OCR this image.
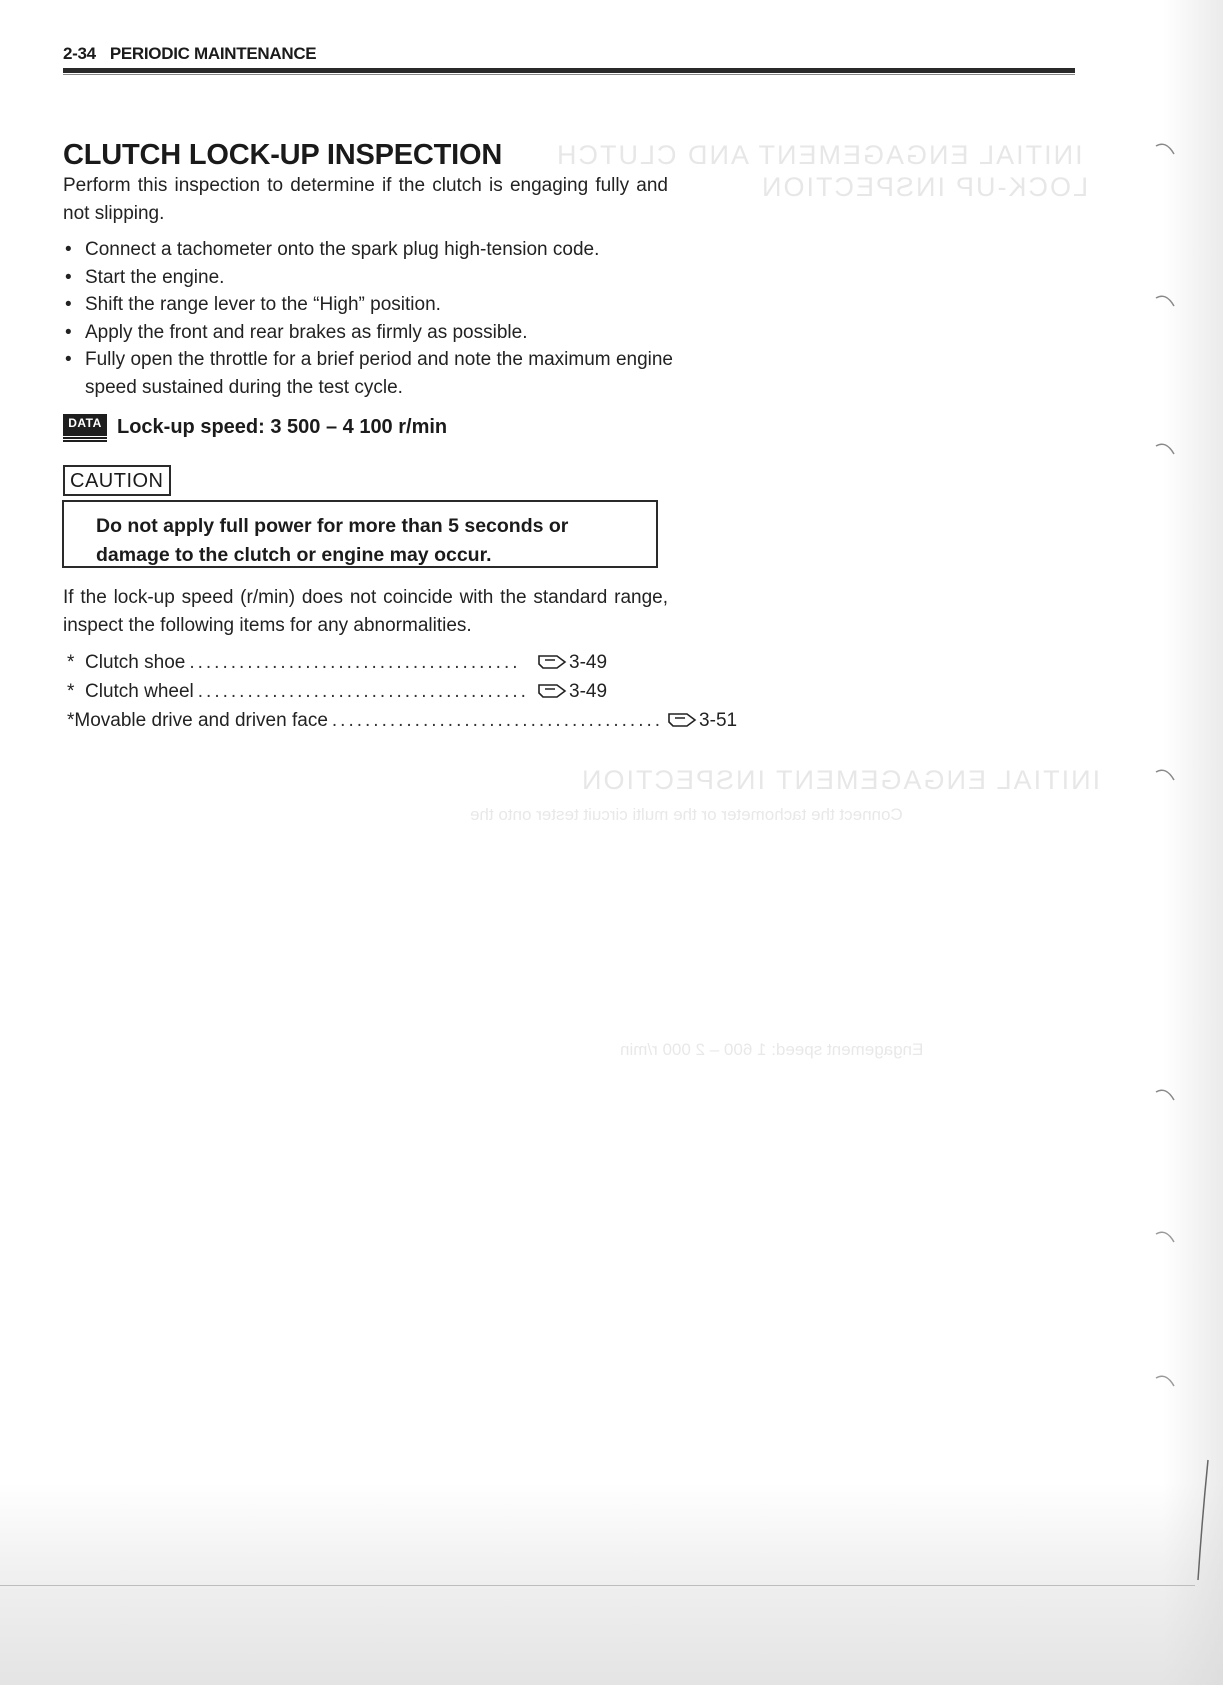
INITIAL ENGAGEMENT AND CLUTCH
LOCK-UP INSPECTION
INITIAL ENGAGEMENT INSPECTION
Connect the tachometer or the multi circuit tester onto the
Engagement speed: 1 600 – 2 000 r/min
2-34 PERIODIC MAINTENANCE
CLUTCH LOCK-UP INSPECTION
Perform this inspection to determine if the clutch is engaging fully and not slipping.
• Connect a tachometer onto the spark plug high-tension code.
• Start the engine.
• Shift the range lever to the “High” position.
• Apply the front and rear brakes as firmly as possible.
• Fully open the throttle for a brief period and note the maximum engine speed sustained during the test cycle.
DATA Lock-up speed: 3 500 – 4 100 r/min
CAUTION
Do not apply full power for more than 5 seconds or damage to the clutch or engine may occur.
If the lock-up speed (r/min) does not coincide with the standard range, inspect the following items for any abnormalities.
* Clutch shoe ........................................	3-49
* Clutch wheel ........................................ 3-49
* Movable drive and driven face ........................................ 3-51
